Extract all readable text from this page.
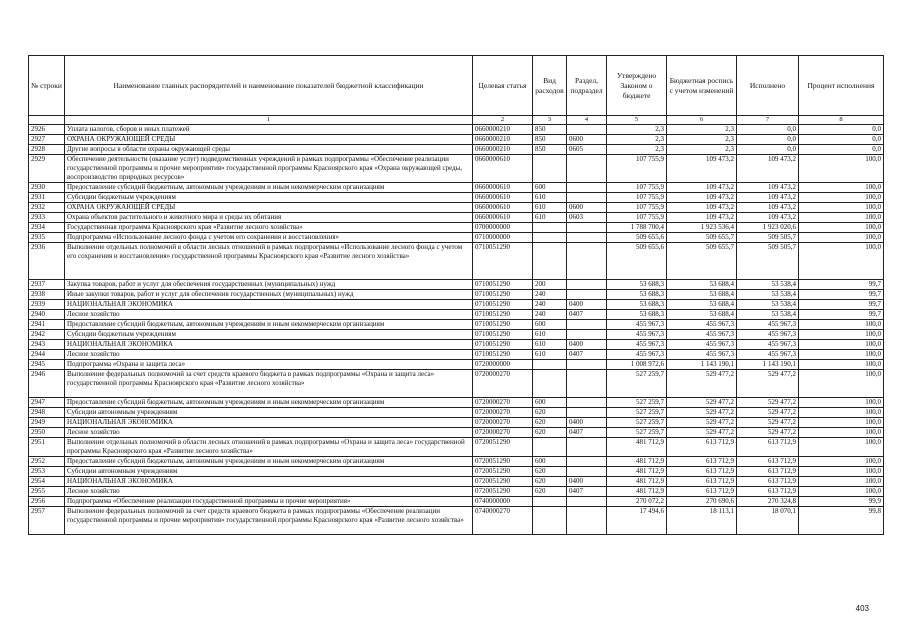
№ строки	Наименование главных распорядителей и наименование показателей бюджетной классификации	Целевая статья	Вид расходов	Раздел, подраздел	Утверждено Законом о бюджете	Бюджетная роспись с учетом изменений	Исполнено	Процент исполнения
	1	2	3	4	5	6	7	8
2926	Уплата налогов, сборов и иных платежей	0660000210	850		2,3	2,3	0,0	0,0
2927	ОХРАНА ОКРУЖАЮЩЕЙ СРЕДЫ	0660000210	850	0600	2,3	2,3	0,0	0,0
2928	Другие вопросы в области охраны окружающей среды	0660000210	850	0605	2,3	2,3	0,0	0,0
2929	Обеспечение деятельности (оказание услуг) подведомственных учреждений в рамках подпрограммы «Обеспечение реализации государственной программы и прочие мероприятия» государственной программы Красноярского края «Охрана окружающей среды, воспроизводство природных ресурсов»	0660000610			107 755,9	109 473,2	109 473,2	100,0
2930	Предоставление субсидий бюджетным, автономным учреждениям и иным некоммерческим организациям	0660000610	600		107 755,9	109 473,2	109 473,2	100,0
2931	Субсидии бюджетным учреждениям	0660000610	610		107 755,9	109 473,2	109 473,2	100,0
2932	ОХРАНА ОКРУЖАЮЩЕЙ СРЕДЫ	0660000610	610	0600	107 755,9	109 473,2	109 473,2	100,0
2933	Охрана объектов растительного и животного мира и среды их обитания	0660000610	610	0603	107 755,9	109 473,2	109 473,2	100,0
2934	Государственная программа Красноярского края «Развитие лесного хозяйства»	0700000000			1 788 700,4	1 923 536,4	1 923 020,6	100,0
2935	Подпрограмма «Использование лесного фонда с учетом его сохранения и восстановления»	0710000000			509 655,6	509 655,7	509 505,7	100,0
2936	Выполнение отдельных полномочий в области лесных отношений в рамках подпрограммы «Использование лесного фонда с учетом его сохранения и восстановления» государственной программы Красноярского края «Развитие лесного хозяйства»	0710051290			509 655,6	509 655,7	509 505,7	100,0
2937	Закупка товаров, работ и услуг для обеспечения государственных (муниципальных) нужд	0710051290	200		53 688,3	53 688,4	53 538,4	99,7
2938	Иные закупки товаров, работ и услуг для обеспечения государственных (муниципальных) нужд	0710051290	240		53 688,3	53 688,4	53 538,4	99,7
2939	НАЦИОНАЛЬНАЯ ЭКОНОМИКА	0710051290	240	0400	53 688,3	53 688,4	53 538,4	99,7
2940	Лесное хозяйство	0710051290	240	0407	53 688,3	53 688,4	53 538,4	99,7
2941	Предоставление субсидий бюджетным, автономным учреждениям и иным некоммерческим организациям	0710051290	600		455 967,3	455 967,3	455 967,3	100,0
2942	Субсидии бюджетным учреждениям	0710051290	610		455 967,3	455 967,3	455 967,3	100,0
2943	НАЦИОНАЛЬНАЯ ЭКОНОМИКА	0710051290	610	0400	455 967,3	455 967,3	455 967,3	100,0
2944	Лесное хозяйство	0710051290	610	0407	455 967,3	455 967,3	455 967,3	100,0
2945	Подпрограмма «Охрана и защита леса»	0720000000			1 008 972,6	1 143 190,1	1 143 190,1	100,0
2946	Выполнение федеральных полномочий за счет средств краевого бюджета в рамках подпрограммы «Охрана и защита леса» государственной программы Красноярского края «Развитие лесного хозяйства»	0720000270			527 259,7	529 477,2	529 477,2	100,0
2947	Предоставление субсидий бюджетным, автономным учреждениям и иным некоммерческим организациям	0720000270	600		527 259,7	529 477,2	529 477,2	100,0
2948	Субсидии автономным учреждениям	0720000270	620		527 259,7	529 477,2	529 477,2	100,0
2949	НАЦИОНАЛЬНАЯ ЭКОНОМИКА	0720000270	620	0400	527 259,7	529 477,2	529 477,2	100,0
2950	Лесное хозяйство	0720000270	620	0407	527 259,7	529 477,2	529 477,2	100,0
2951	Выполнение отдельных полномочий в области лесных отношений в рамках подпрограммы «Охрана и защита леса» государственной программы Красноярского края «Развитие лесного хозяйства»	0720051290			481 712,9	613 712,9	613 712,9	100,0
2952	Предоставление субсидий бюджетным, автономным учреждениям и иным некоммерческим организациям	0720051290	600		481 712,9	613 712,9	613 712,9	100,0
2953	Субсидии автономным учреждениям	0720051290	620		481 712,9	613 712,9	613 712,9	100,0
2954	НАЦИОНАЛЬНАЯ ЭКОНОМИКА	0720051290	620	0400	481 712,9	613 712,9	613 712,9	100,0
2955	Лесное хозяйство	0720051290	620	0407	481 712,9	613 712,9	613 712,9	100,0
2956	Подпрограмма «Обеспечение реализации государственной программы и прочие мероприятия»	0740000000			270 072,2	270 690,6	270 324,8	99,9
2957	Выполнение федеральных полномочий за счет средств краевого бюджета в рамках подпрограммы «Обеспечение реализации государственной программы и прочие мероприятия» государственной программы Красноярского края «Развитие лесного хозяйства»	0740000270			17 494,6	18 113,1	18 070,1	99,8
403
